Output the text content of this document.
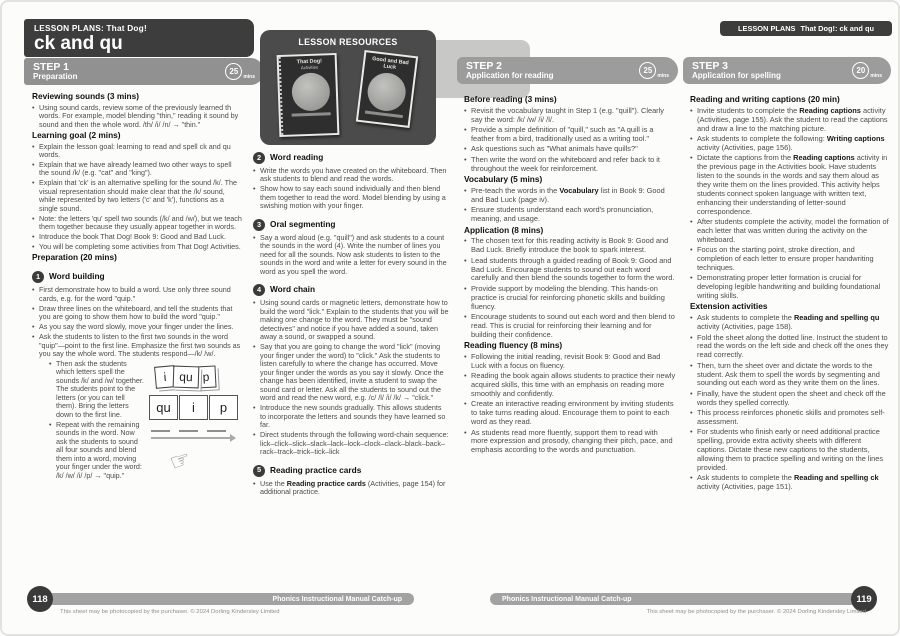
LESSON PLANS: That Dog!
ck and qu
STEP 1
Preparation
25
mins
LESSON RESOURCES
That Dog!
Activities
Good and Bad Luck
LESSON PLANS That Dog!: ck and qu
STEP 2
Application for reading
25
mins
STEP 3
Application for spelling
20
mins
Reviewing sounds (3 mins)
• Using sound cards, review some of the previously learned th words. For example, model blending "thin," reading it sound by sound and then the whole word. /th/ /i/ /n/ → "thin."
Learning goal (2 mins)
• Explain the lesson goal: learning to read and spell ck and qu words.
• Explain that we have already learned two other ways to spell the sound /k/ (e.g. "cat" and "king").
• Explain that 'ck' is an alternative spelling for the sound /k/. The visual representation should make clear that the /k/ sound, while represented by two letters ('c' and 'k'), functions as a single sound.
• Note: the letters 'qu' spell two sounds (/k/ and /w/), but we teach them together because they usually appear together in words.
• Introduce the book That Dog! Book 9: Good and Bad Luck.
• You will be completing some activities from That Dog! Activities.
Preparation (20 mins)
1	Word building
• First demonstrate how to build a word. Use only three sound cards, e.g. for the word "quip."
• Draw three lines on the whiteboard, and tell the students that you are going to show them how to build the word "quip."
• As you say the word slowly, move your finger under the lines.
• Ask the students to listen to the first two sounds in the word "quip"—point to the first line. Emphasize the first two sounds as you say the whole word. The students respond—/k/ /w/.
• Then ask the students which letters spell the sounds /k/ and /w/ together. The students point to the letters (or you can tell them). Bring the letters down to the first line.
• Repeat with the remaining sounds in the word. Now ask the students to sound all four sounds and blend them into a word, moving your finger under the word: /k/ /w/ /i/ /p/ → "quip."
i	qu p
qu	i	p
☞
2	Word reading
• Write the words you have created on the whiteboard. Then ask students to blend and read the words.
• Show how to say each sound individually and then blend them together to read the word. Model blending by using a swishing motion with your finger.
3	Oral segmenting
• Say a word aloud (e.g. "quill") and ask students to a count the sounds in the word (4). Write the number of lines you need for all the sounds. Now ask students to listen to the sounds in the word and write a letter for every sound in the word as you spell the word.
4	Word chain
• Using sound cards or magnetic letters, demonstrate how to build the word "lick." Explain to the students that you will be making one change to the word. They must be "sound detectives" and notice if you have added a sound, taken away a sound, or swapped a sound.
• Say that you are going to change the word "lick" (moving your finger under the word) to "click." Ask the students to listen carefully to where the change has occurred. Move your finger under the words as you say it slowly. Once the change has been identified, invite a student to swap the sound card or letter. Ask all the students to sound out the word and read the new word, e.g. /c/ /l/ /i/ /k/ → "click."
• Introduce the new sounds gradually. This allows students to incorporate the letters and sounds they have learned so far.
• Direct students through the following word-chain sequence: lick–click–slick–slack–lack–lock–clock–clack–black–back–rack–track–trick–tick–lick
5	Reading practice cards
• Use the Reading practice cards (Activities, page 154) for additional practice.
Before reading (3 mins)
• Revisit the vocabulary taught in Step 1 (e.g. "quill"). Clearly say the word: /k/ /w/ /i/ /l/.
• Provide a simple definition of "quill," such as "A quill is a feather from a bird, traditionally used as a writing tool."
• Ask questions such as "What animals have quills?"
• Then write the word on the whiteboard and refer back to it throughout the week for reinforcement.
Vocabulary (5 mins)
• Pre-teach the words in the Vocabulary list in Book 9: Good and Bad Luck (page iv).
• Ensure students understand each word's pronunciation, meaning, and usage.
Application (8 mins)
• The chosen text for this reading activity is Book 9: Good and Bad Luck. Briefly introduce the book to spark interest.
• Lead students through a guided reading of Book 9: Good and Bad Luck. Encourage students to sound out each word carefully and then blend the sounds together to form the word.
• Provide support by modeling the blending. This hands-on practice is crucial for reinforcing phonetic skills and building fluency.
• Encourage students to sound out each word and then blend to read. This is crucial for reinforcing their learning and for building their confidence.
Reading fluency (8 mins)
• Following the initial reading, revisit Book 9: Good and Bad Luck with a focus on fluency.
• Reading the book again allows students to practice their newly acquired skills, this time with an emphasis on reading more smoothly and confidently.
• Create an interactive reading environment by inviting students to take turns reading aloud. Encourage them to point to each word as they read.
• As students read more fluently, support them to read with more expression and prosody, changing their pitch, pace, and emphasis according to the words and punctuation.
Reading and writing captions (20 min)
• Invite students to complete the Reading captions activity (Activities, page 155). Ask the student to read the captions and draw a line to the matching picture.
• Ask students to complete the following: Writing captions activity (Activities, page 156).
• Dictate the captions from the Reading captions activity in the previous page in the Activities book. Have students listen to the sounds in the words and say them aloud as they write them on the lines provided. This activity helps students connect spoken language with written text, enhancing their understanding of letter-sound correspondence.
• After students complete the activity, model the formation of each letter that was written during the activity on the whiteboard.
• Focus on the starting point, stroke direction, and completion of each letter to ensure proper handwriting techniques.
• Demonstrating proper letter formation is crucial for developing legible handwriting and building foundational writing skills.
Extension activities
• Ask students to complete the Reading and spelling qu activity (Activities, page 158).
• Fold the sheet along the dotted line. Instruct the student to read the words on the left side and check off the ones they read correctly.
• Then, turn the sheet over and dictate the words to the student. Ask them to spell the words by segmenting and sounding out each word as they write them on the lines.
• Finally, have the student open the sheet and check off the words they spelled correctly.
• This process reinforces phonetic skills and promotes self-assessment.
• For students who finish early or need additional practice spelling, provide extra activity sheets with different captions. Dictate these new captions to the students, allowing them to practice spelling and writing on the lines provided.
• Ask students to complete the Reading and spelling ck activity (Activities, page 151).
Phonics Instructional Manual Catch-up
118
This sheet may be photocopied by the purchaser. © 2024 Dorling Kindersley Limited
Phonics Instructional Manual Catch-up	119
This sheet may be photocopied by the purchaser. © 2024 Dorling Kindersley Limited
